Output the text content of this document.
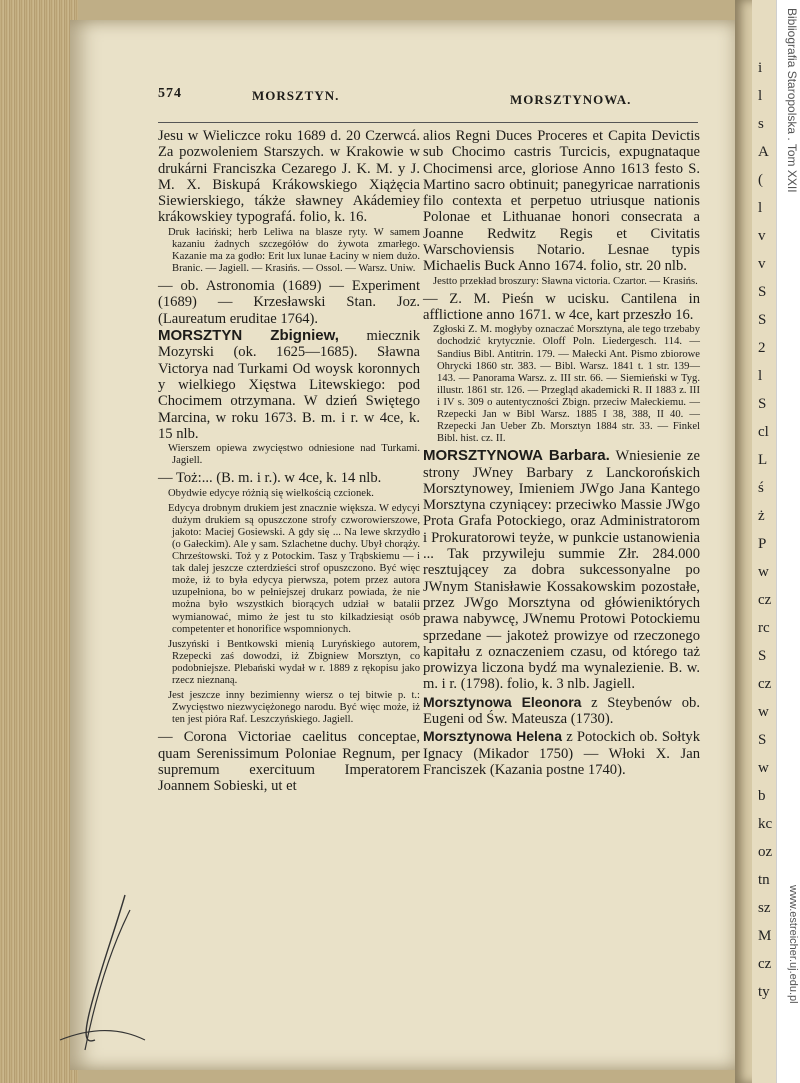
i
l
s
A
(
l
v
v
S
S
2
l
S
cl
L
ś
ż
P
w
cz
rc
S
cz
w
S
w
b
kc
oz
tn
sz
M
cz
ty
574	MORSZTYN.	MORSZTYNOWA.
Jesu w Wieliczce roku 1689 d. 20 Czerwcá. Za pozwoleniem Starszych. w Krakowie w drukárni Franciszka Cezarego J. K. M. y J. M. X. Biskupá Krákowskiego Xiążęcia Siewierskiego, tákże sławney Akádemiey krákowskiey typografá. folio, k. 16.
Druk łaciński; herb Leliwa na blasze ryty. W samem kazaniu żadnych szczegółów do żywota zmarłego. Kazanie ma za godło: Erit lux lunae Łaciny w niem dużo. Branic. — Jagiell. — Krasińs. — Ossol. — Warsz. Uniw.
— ob. Astronomia (1689) — Experiment (1689) — Krzesławski Stan. Joz. (Laureatum eruditae 1764).
MORSZTYN Zbigniew, miecznik Mozyrski (ok. 1625—1685). Sławna Victorya nad Turkami Od woysk koronnych y wielkiego Xięstwa Litewskiego: pod Chocimem otrzymana. W dzień Swiętego Marcina, w roku 1673. B. m. i r. w 4ce, k. 15 nlb.
Wierszem opiewa zwycięstwo odniesione nad Turkami. Jagiell.
— Toż:... (B. m. i r.). w 4ce, k. 14 nlb.
Obydwie edycye różnią się wielkością czcionek.
Edycya drobnym drukiem jest znacznie większa. W edycyi dużym drukiem są opuszczone strofy czworowierszowe, jakoto: Maciej Gosiewski. A gdy się ... Na lewe skrzydło (o Gałeckim). Ale y sam. Szlachetne duchy. Ubył chorąży. Chrześtowski. Toż y z Potockim. Tasz y Trąbskiemu — i tak dalej jeszcze czterdzieści strof opuszczono. Być więc może, iż to była edycya pierwsza, potem przez autora uzupełniona, bo w pełniejszej drukarz powiada, że nie można było wszystkich biorących udział w batalii wymianować, mimo że jest tu sto kilkadziesiąt osób competenter et honorifice wspomnionych.
Juszyński i Bentkowski mienią Luryńskiego autorem, Rzepecki zaś dowodzi, iż Zbigniew Morsztyn, co podobniejsze. Plebański wydał w r. 1889 z rękopisu jako rzecz nieznaną.
Jest jeszcze inny bezimienny wiersz o tej bitwie p. t.: Zwycięstwo niezwyciężonego narodu. Być więc może, iż ten jest pióra Raf. Leszczyńskiego. Jagiell.
— Corona Victoriae caelitus conceptae, quam Serenissimum Poloniae Regnum, per supremum exercituum Imperatorem Joannem Sobieski, ut et
alios Regni Duces Proceres et Capita Devictis sub Chocimo castris Turcicis, expugnataque Chocimensi arce, gloriose Anno 1613 festo S. Martino sacro obtinuit; panegyricae narrationis filo contexta et perpetuo utriusque nationis Polonae et Lithuanae honori consecrata a Joanne Redwitz Regis et Civitatis Warschoviensis Notario. Lesnae typis Michaelis Buck Anno 1674. folio, str. 20 nlb.
Jestto przekład broszury: Sławna victoria. Czartor. — Krasińs.
— Z. M. Pieśn w ucisku. Cantilena in afflictione anno 1671. w 4ce, kart przeszło 16.
Zgłoski Z. M. mogłyby oznaczać Morsztyna, ale tego trzebaby dochodzić krytycznie. Oloff Poln. Liedergesch. 114. — Sandius Bibl. Antitrin. 179. — Małecki Ant. Pismo zbiorowe Ohrycki 1860 str. 383. — Bibl. Warsz. 1841 t. 1 str. 139—143. — Panorama Warsz. z. III str. 66. — Siemieński w Tyg. illustr. 1861 str. 126. — Przegląd akademicki R. II 1883 z. III i IV s. 309 o autentyczności Zbign. przeciw Małeckiemu. — Rzepecki Jan w Bibl Warsz. 1885 I 38, 388, II 40. — Rzepecki Jan Ueber Zb. Morsztyn 1884 str. 33. — Finkel Bibl. hist. cz. II.
MORSZTYNOWA Barbara. Wniesienie ze strony JWney Barbary z Lanckorońskich Morsztynowey, Imieniem JWgo Jana Kantego Morsztyna czyniącey: przeciwko Massie JWgo Prota Grafa Potockiego, oraz Administratorom i Prokuratorowi teyże, w punkcie ustanowienia ... Tak przywileju summie Złr. 284.000 resztującey za dobra sukcessonyalne po JWnym Stanisławie Kossakowskim pozostałe, przez JWgo Morsztyna od główieniktórych prawa nabywcę, JWnemu Protowi Potockiemu sprzedane — jakoteż prowizye od rzeczonego kapitału z oznaczeniem czasu, od którego taż prowizya liczona bydź ma wynalezienie. B. w. m. i r. (1798). folio, k. 3 nlb. Jagiell.
Morsztynowa Eleonora z Steybenów ob. Eugeni od Św. Mateusza (1730).
Morsztynowa Helena z Potockich ob. Sołtyk Ignacy (Mikador 1750) — Włoki X. Jan Franciszek (Kazania postne 1740).
Bibliografia Staropolska . Tom XXII
www.estreicher.uj.edu.pl
